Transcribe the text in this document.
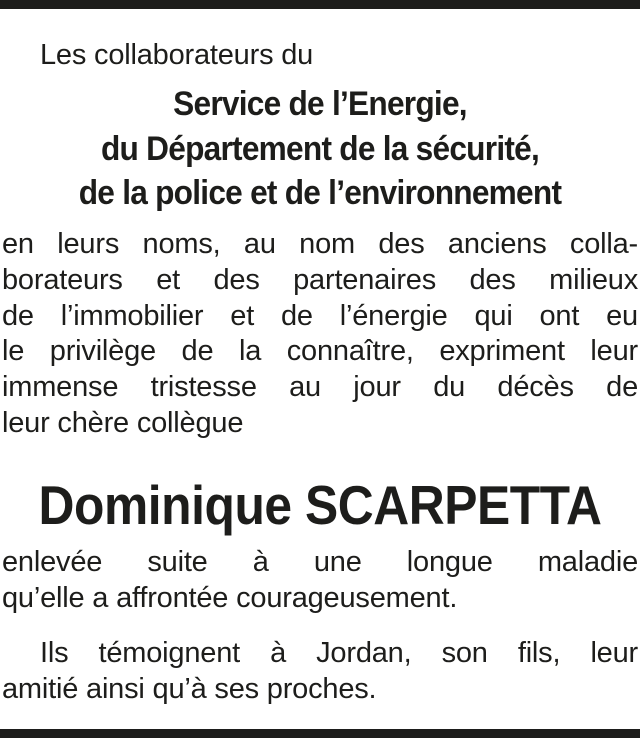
Les collaborateurs du

Service de l’Energie,
du Département de la sécurité,
de la police et de l’environnement
en leurs noms, au nom des anciens colla-
borateurs et des partenaires des milieux
de l’immobilier et de l’énergie qui ont eu
le privilège de la connaître, expriment leur
immense tristesse au jour du décès de
leur chère collègue
Dominique SCARPETTA
enlevée suite à une longue maladie
qu’elle a affrontée courageusement.
Ils témoignent à Jordan, son fils, leur
amitié ainsi qu’à ses proches.
